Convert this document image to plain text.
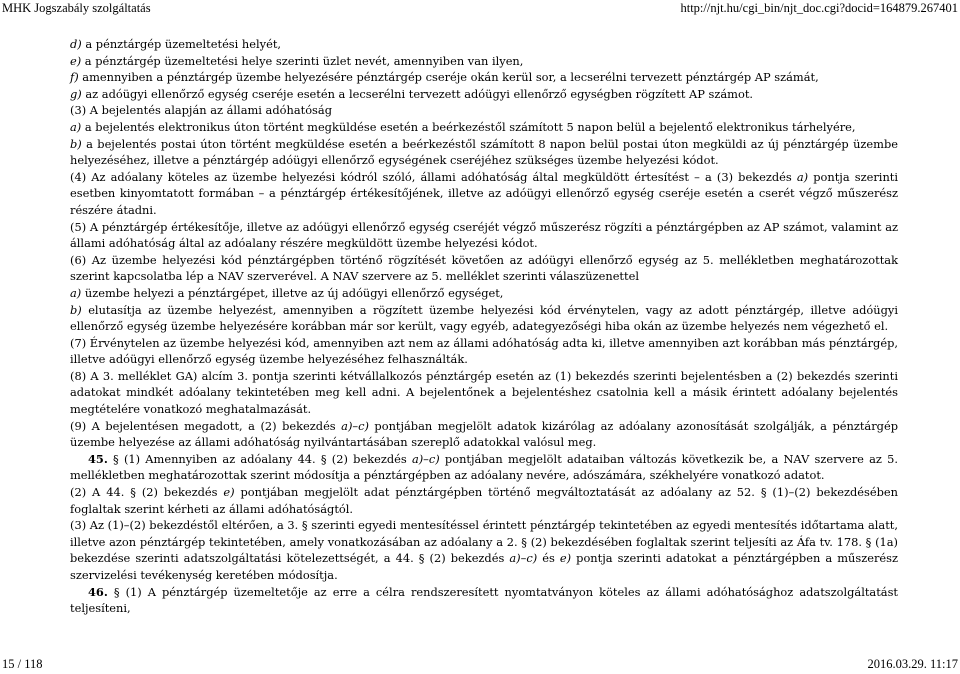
MHK Jogszabály szolgáltatás	http://njt.hu/cgi_bin/njt_doc.cgi?docid=164879.267401

d) a pénztárgép üzemeltetési helyét,

e) a pénztárgép üzemeltetési helye szerinti üzlet nevét, amennyiben van ilyen,

f) amennyiben a pénztárgép üzembe helyezésére pénztárgép cseréje okán kerül sor, a lecserélni tervezett pénztárgép AP számát,

g) az adóügyi ellenőrző egység cseréje esetén a lecserélni tervezett adóügyi ellenőrző egységben rögzített AP számot.

(3) A bejelentés alapján az állami adóhatóság

a) a bejelentés elektronikus úton történt megküldése esetén a beérkezéstől számított 5 napon belül a bejelentő elektronikus tárhelyére,

b) a bejelentés postai úton történt megküldése esetén a beérkezéstől számított 8 napon belül postai úton megküldi az új pénztárgép üzembe helyezéséhez, illetve a pénztárgép adóügyi ellenőrző egységének cseréjéhez szükséges üzembe helyezési kódot.

(4) Az adóalany köteles az üzembe helyezési kódról szóló, állami adóhatóság által megküldött értesítést – a (3) bekezdés a) pontja szerinti esetben kinyomtatott formában – a pénztárgép értékesítőjének, illetve az adóügyi ellenőrző egység cseréje esetén a cserét végző műszerész részére átadni.

(5) A pénztárgép értékesítője, illetve az adóügyi ellenőrző egység cseréjét végző műszerész rögzíti a pénztárgépben az AP számot, valamint az állami adóhatóság által az adóalany részére megküldött üzembe helyezési kódot.

(6) Az üzembe helyezési kód pénztárgépben történő rögzítését követően az adóügyi ellenőrző egység az 5. mellékletben meghatározottak szerint kapcsolatba lép a NAV szerverével. A NAV szervere az 5. melléklet szerinti válaszüzenettel

a) üzembe helyezi a pénztárgépet, illetve az új adóügyi ellenőrző egységet,

b) elutasítja az üzembe helyezést, amennyiben a rögzített üzembe helyezési kód érvénytelen, vagy az adott pénztárgép, illetve adóügyi ellenőrző egység üzembe helyezésére korábban már sor került, vagy egyéb, adategyezőségi hiba okán az üzembe helyezés nem végezhető el.

(7) Érvénytelen az üzembe helyezési kód, amennyiben azt nem az állami adóhatóság adta ki, illetve amennyiben azt korábban más pénztárgép, illetve adóügyi ellenőrző egység üzembe helyezéséhez felhasználták.

(8) A 3. melléklet GA) alcím 3. pontja szerinti kétvállalkozós pénztárgép esetén az (1) bekezdés szerinti bejelentésben a (2) bekezdés szerinti adatokat mindkét adóalany tekintetében meg kell adni. A bejelentőnek a bejelentéshez csatolnia kell a másik érintett adóalany bejelentés megtételére vonatkozó meghatalmazását.

(9) A bejelentésen megadott, a (2) bekezdés a)–c) pontjában megjelölt adatok kizárólag az adóalany azonosítását szolgálják, a pénztárgép üzembe helyezése az állami adóhatóság nyilvántartásában szereplő adatokkal valósul meg.

45. § (1) Amennyiben az adóalany 44. § (2) bekezdés a)–c) pontjában megjelölt adataiban változás következik be, a NAV szervere az 5. mellékletben meghatározottak szerint módosítja a pénztárgépben az adóalany nevére, adószámára, székhelyére vonatkozó adatot.

(2) A 44. § (2) bekezdés e) pontjában megjelölt adat pénztárgépben történő megváltoztatását az adóalany az 52. § (1)–(2) bekezdésében foglaltak szerint kérheti az állami adóhatóságtól.

(3) Az (1)–(2) bekezdéstől eltérően, a 3. § szerinti egyedi mentesítéssel érintett pénztárgép tekintetében az egyedi mentesítés időtartama alatt, illetve azon pénztárgép tekintetében, amely vonatkozásában az adóalany a 2. § (2) bekezdésében foglaltak szerint teljesíti az Áfa tv. 178. § (1a) bekezdése szerinti adatszolgáltatási kötelezettségét, a 44. § (2) bekezdés a)–c) és e) pontja szerinti adatokat a pénztárgépben a műszerész szervizelési tevékenység keretében módosítja.

46. § (1) A pénztárgép üzemeltetője az erre a célra rendszeresített nyomtatványon köteles az állami adóhatósághoz adatszolgáltatást teljesíteni,

15 / 118	2016.03.29. 11:17
